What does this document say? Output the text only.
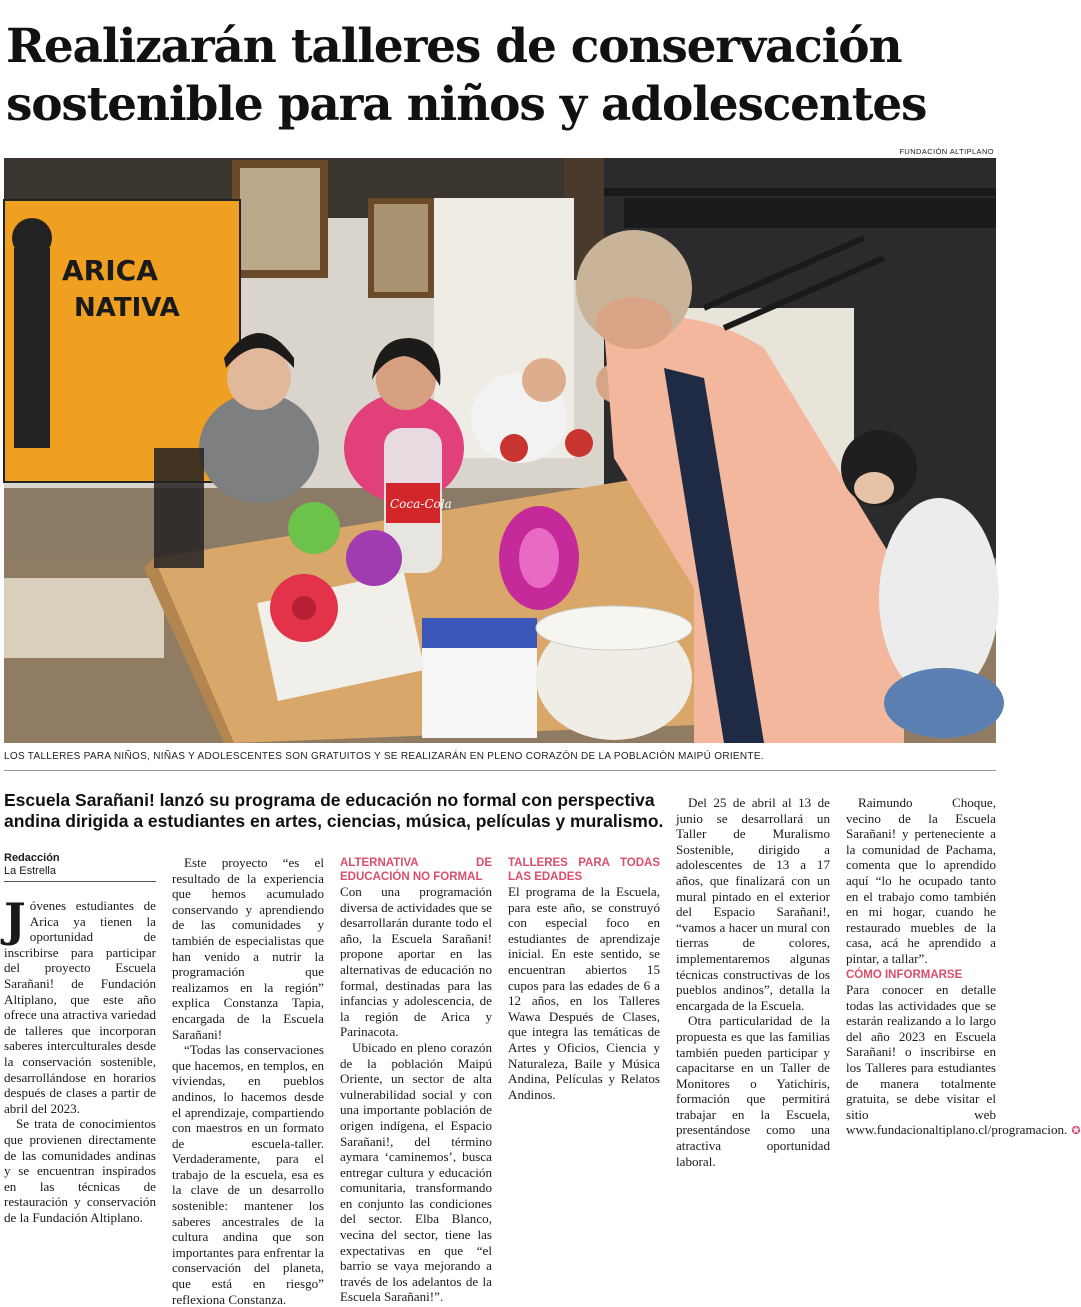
Realizarán talleres de conservación sostenible para niños y adolescentes
FUNDACIÓN ALTIPLANO
ARICA
NATIVA
Coca-Cola
LOS TALLERES PARA NIÑOS, NIÑAS Y ADOLESCENTES SON GRATUITOS Y SE REALIZARÁN EN PLENO CORAZÓN DE LA POBLACIÓN MAIPÚ ORIENTE.

Escuela Sarañani! lanzó su programa de educación no formal con perspectiva andina dirigida a estudiantes en artes, ciencias, música, películas y muralismo.

Redacción
La Estrella

Jóvenes estudiantes de Arica ya tienen la oportunidad de inscribirse para participar del proyecto Escuela Sarañani! de Fundación Altiplano, que este año ofrece una atractiva variedad de talleres que incorporan saberes interculturales desde la conservación sostenible, desarrollándose en horarios después de clases a partir de abril del 2023.

Se trata de conocimientos que provienen directamente de las comunidades andinas y se encuentran inspirados en las técnicas de restauración y conservación de la Fundación Altiplano.

Este proyecto “es el resultado de la experiencia que hemos acumulado conservando y aprendiendo de las comunidades y también de especialistas que han venido a nutrir la programación que realizamos en la región” explica Constanza Tapia, encargada de la Escuela Sarañani!

“Todas las conservaciones que hacemos, en templos, en viviendas, en pueblos andinos, lo hacemos desde el aprendizaje, compartiendo con maestros en un formato de escuela-taller. Verdaderamente, para el trabajo de la escuela, esa es la clave de un desarrollo sostenible: mantener los saberes ancestrales de la cultura andina que son importantes para enfrentar la conservación del planeta, que está en riesgo” reflexiona Constanza.

ALTERNATIVA DE EDUCACIÓN NO FORMAL

Con una programación diversa de actividades que se desarrollarán durante todo el año, la Escuela Sarañani! propone aportar en las alternativas de educación no formal, destinadas para las infancias y adolescencia, de la región de Arica y Parinacota.

Ubicado en pleno corazón de la población Maipú Oriente, un sector de alta vulnerabilidad social y con una importante población de origen indígena, el Espacio Sarañani!, del término aymara ‘caminemos’, busca entregar cultura y educación comunitaria, transformando en conjunto las condiciones del sector. Elba Blanco, vecina del sector, tiene las expectativas en que “el barrio se vaya mejorando a través de los adelantos de la Escuela Sarañani!”.

TALLERES PARA TODAS LAS EDADES

El programa de la Escuela, para este año, se construyó con especial foco en estudiantes de aprendizaje inicial. En este sentido, se encuentran abiertos 15 cupos para las edades de 6 a 12 años, en los Talleres Wawa Después de Clases, que integra las temáticas de Artes y Oficios, Ciencia y Naturaleza, Baile y Música Andina, Películas y Relatos Andinos.

Del 25 de abril al 13 de junio se desarrollará un Taller de Muralismo Sostenible, dirigido a adolescentes de 13 a 17 años, que finalizará con un mural pintado en el exterior del Espacio Sarañani!, “vamos a hacer un mural con tierras de colores, implementaremos algunas técnicas constructivas de los pueblos andinos”, detalla la encargada de la Escuela.

Otra particularidad de la propuesta es que las familias también pueden participar y capacitarse en un Taller de Monitores o Yatichiris, formación que permitirá trabajar en la Escuela, presentándose como una atractiva oportunidad laboral.

Raimundo Choque, vecino de la Escuela Sarañani! y perteneciente a la comunidad de Pachama, comenta que lo aprendido aquí “lo he ocupado tanto en el trabajo como también en mi hogar, cuando he restaurado muebles de la casa, acá he aprendido a pintar, a tallar”.

CÓMO INFORMARSE

Para conocer en detalle todas las actividades que se estarán realizando a lo largo del año 2023 en Escuela Sarañani! o inscribirse en los Talleres para estudiantes de manera totalmente gratuita, se debe visitar el sitio web www.fundacionaltiplano.cl/programacion. ✪
